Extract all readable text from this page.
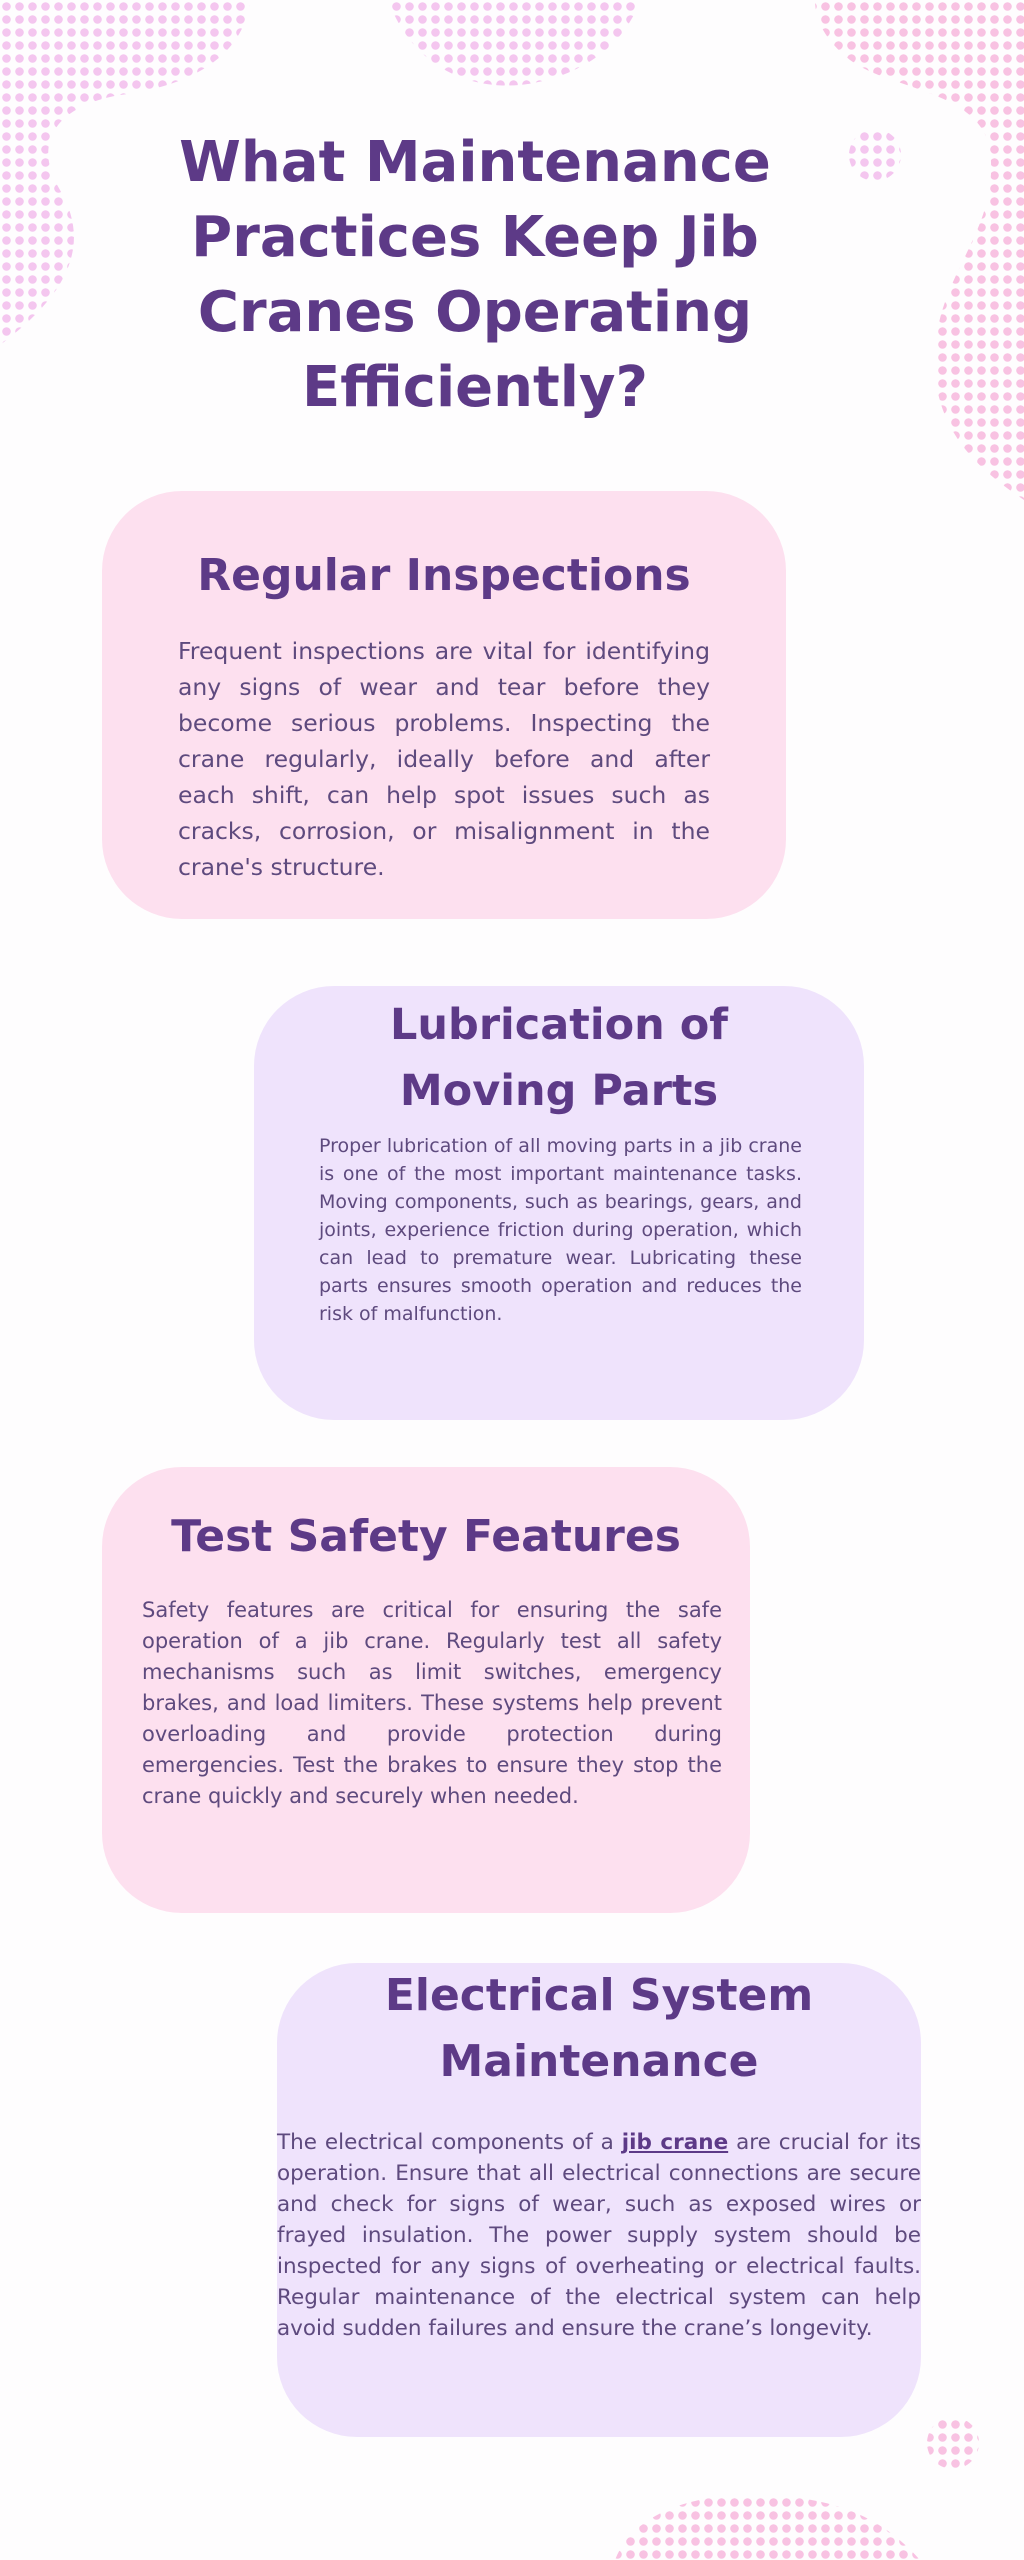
What Maintenance Practices Keep Jib Cranes Operating Efficiently?
Regular Inspections

Frequent inspections are vital for identifying any signs of wear and tear before they become serious problems. Inspecting the crane regularly, ideally before and after each shift, can help spot issues such as cracks, corrosion, or misalignment in the crane's structure.

Lubrication of Moving Parts

Proper lubrication of all moving parts in a jib crane is one of the most important maintenance tasks. Moving components, such as bearings, gears, and joints, experience friction during operation, which can lead to premature wear. Lubricating these parts ensures smooth operation and reduces the risk of malfunction.

Test Safety Features

Safety features are critical for ensuring the safe operation of a jib crane. Regularly test all safety mechanisms such as limit switches, emergency brakes, and load limiters. These systems help prevent overloading and provide protection during emergencies. Test the brakes to ensure they stop the crane quickly and securely when needed.

Electrical System Maintenance

The electrical components of a jib crane are crucial for its operation. Ensure that all electrical connections are secure and check for signs of wear, such as exposed wires or frayed insulation. The power supply system should be inspected for any signs of overheating or electrical faults. Regular maintenance of the electrical system can help avoid sudden failures and ensure the crane’s longevity.
